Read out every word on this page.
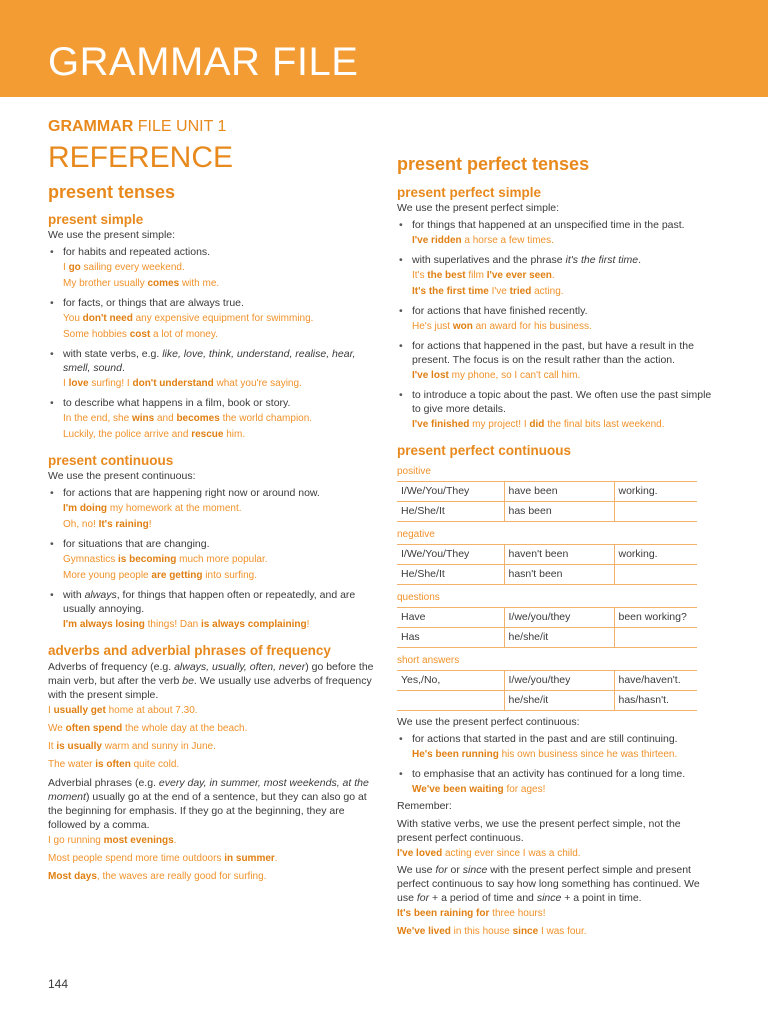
GRAMMAR FILE
GRAMMAR FILE UNIT 1
REFERENCE
present tenses
present simple

We use the present simple:

• for habits and repeated actions.
I go sailing every weekend.
My brother usually comes with me.
• for facts, or things that are always true.
You don't need any expensive equipment for swimming.
Some hobbies cost a lot of money.
• with state verbs, e.g. like, love, think, understand, realise, hear, smell, sound.
I love surfing! I don't understand what you're saying.
• to describe what happens in a film, book or story.
In the end, she wins and becomes the world champion.
Luckily, the police arrive and rescue him.
present continuous

We use the present continuous:

• for actions that are happening right now or around now.
I'm doing my homework at the moment.
Oh, no! It's raining!
• for situations that are changing.
Gymnastics is becoming much more popular.
More young people are getting into surfing.
• with always, for things that happen often or repeatedly, and are usually annoying.
I'm always losing things! Dan is always complaining!
adverbs and adverbial phrases of frequency

Adverbs of frequency (e.g. always, usually, often, never) go before the main verb, but after the verb be. We usually use adverbs of frequency with the present simple.

I usually get home at about 7.30.
We often spend the whole day at the beach.
It is usually warm and sunny in June.
The water is often quite cold.

Adverbial phrases (e.g. every day, in summer, most weekends, at the moment) usually go at the end of a sentence, but they can also go at the beginning for emphasis. If they go at the beginning, they are followed by a comma.

I go running most evenings.
Most people spend more time outdoors in summer.
Most days, the waves are really good for surfing.
144
present perfect tenses
present perfect simple

We use the present perfect simple:

• for things that happened at an unspecified time in the past.
I've ridden a horse a few times.
• with superlatives and the phrase it's the first time.
It's the best film I've ever seen.
It's the first time I've tried acting.
• for actions that have finished recently.
He's just won an award for his business.
• for actions that happened in the past, but have a result in the present. The focus is on the result rather than the action.
I've lost my phone, so I can't call him.
• to introduce a topic about the past. We often use the past simple to give more details.
I've finished my project! I did the final bits last weekend.
present perfect continuous
positive
I/We/You/They	have been	working.
He/She/It	has been	
negative
I/We/You/They	haven't been	working.
He/She/It	hasn't been	
questions
Have	I/we/you/they	been working?
Has	he/she/it	
short answers
Yes,/No,	I/we/you/they	have/haven't.
	he/she/it	has/hasn't.

We use the present perfect continuous:

• for actions that started in the past and are still continuing.
He's been running his own business since he was thirteen.
• to emphasise that an activity has continued for a long time.
We've been waiting for ages!

Remember:

With stative verbs, we use the present perfect simple, not the present perfect continuous.

I've loved acting ever since I was a child.

We use for or since with the present perfect simple and present perfect continuous to say how long something has continued. We use for + a period of time and since + a point in time.

It's been raining for three hours!
We've lived in this house since I was four.
